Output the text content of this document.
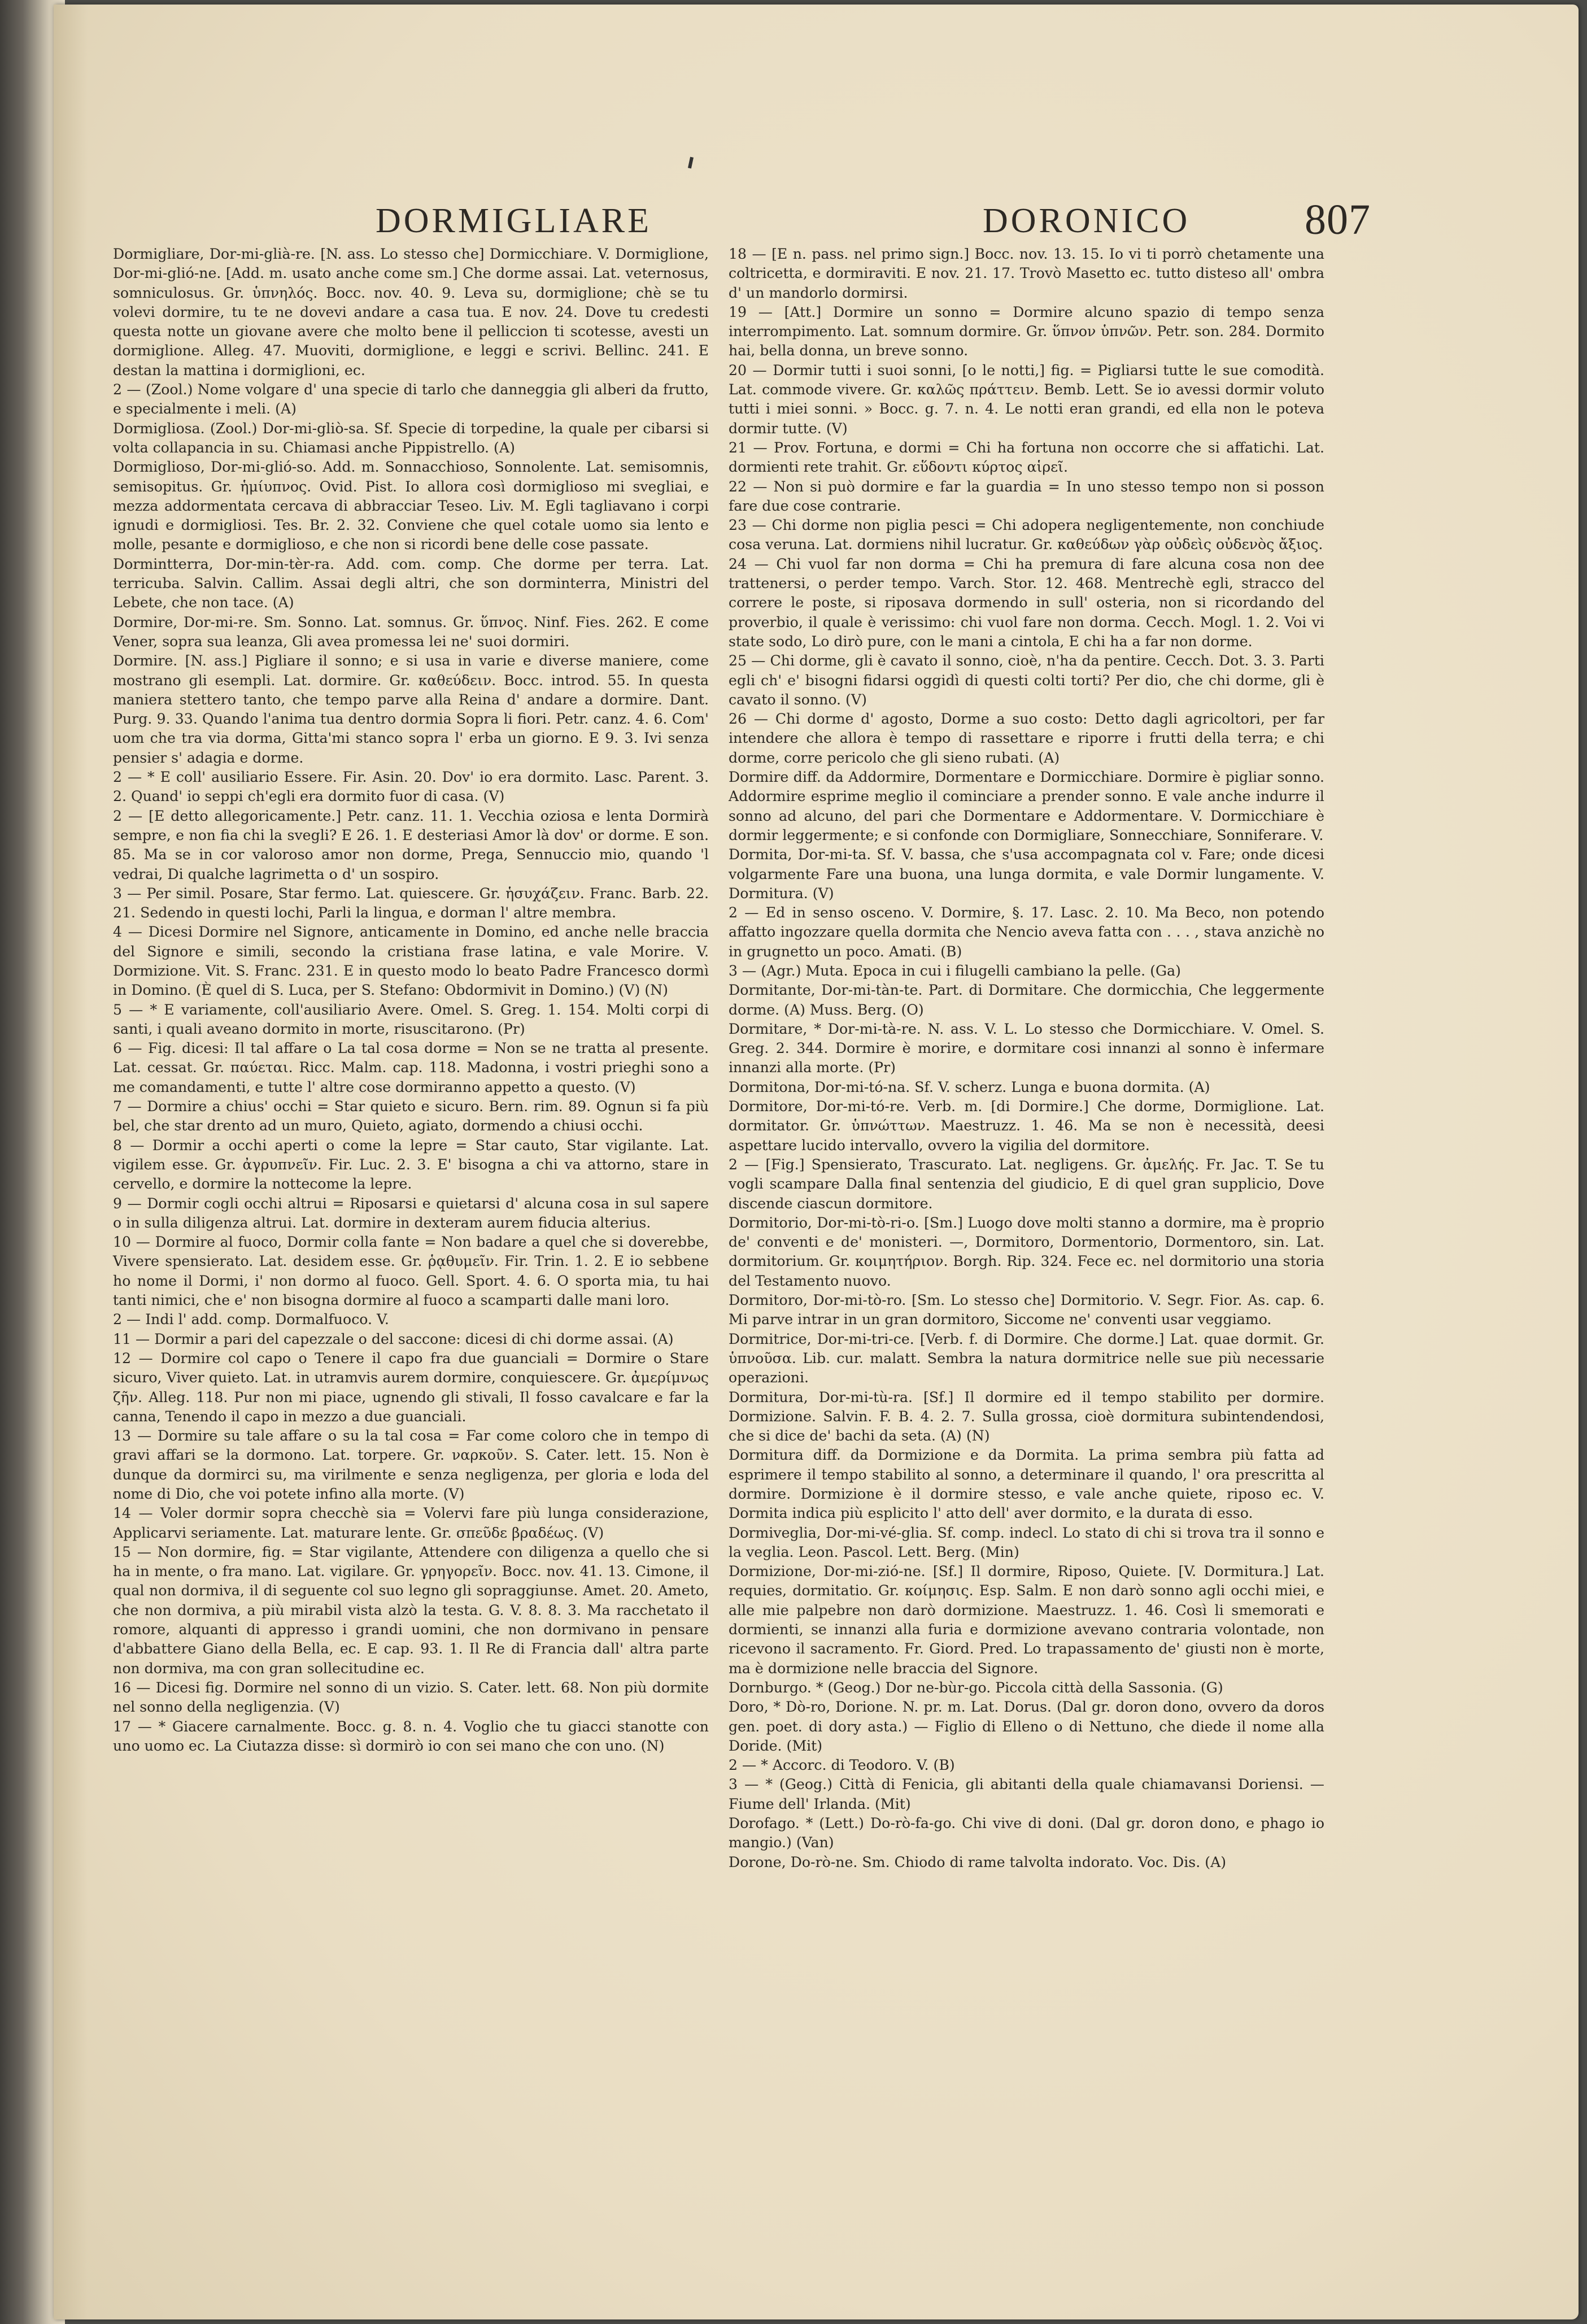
DORMIGLIARE	DORONICO	807

Dormigliare, Dor-mi-glià-re. [N. ass. Lo stesso che] Dormicchiare. V. Dormiglione, Dor-mi-glió-ne. [Add. m. usato anche come sm.] Che dorme assai. Lat. veternosus, somniculosus. Gr. ὑπνηλός. Bocc. nov. 40. 9. Leva su, dormiglione; chè se tu volevi dormire, tu te ne dovevi andare a casa tua. E nov. 24. Dove tu credesti questa notte un giovane avere che molto bene il pelliccion ti scotesse, avesti un dormiglione. Alleg. 47. Muoviti, dormiglione, e leggi e scrivi. Bellinc. 241. E destan la mattina i dormiglioni, ec.

2 — (Zool.) Nome volgare d' una specie di tarlo che danneggia gli alberi da frutto, e specialmente i meli. (A)

Dormigliosa. (Zool.) Dor-mi-gliò-sa. Sf. Specie di torpedine, la quale per cibarsi si volta collapancia in su. Chiamasi anche Pippistrello. (A)

Dormiglioso, Dor-mi-glió-so. Add. m. Sonnacchioso, Sonnolente. Lat. semisomnis, semisopitus. Gr. ἡμίυπνος. Ovid. Pist. Io allora così dormiglioso mi svegliai, e mezza addormentata cercava di abbracciar Teseo. Liv. M. Egli tagliavano i corpi ignudi e dormigliosi. Tes. Br. 2. 32. Conviene che quel cotale uomo sia lento e molle, pesante e dormiglioso, e che non si ricordi bene delle cose passate.

Dormintterra, Dor-min-tèr-ra. Add. com. comp. Che dorme per terra. Lat. terricuba. Salvin. Callim. Assai degli altri, che son dorminterra, Ministri del Lebete, che non tace. (A)

Dormire, Dor-mi-re. Sm. Sonno. Lat. somnus. Gr. ὕπνος. Ninf. Fies. 262. E come Vener, sopra sua leanza, Gli avea promessa lei ne' suoi dormiri.

Dormire. [N. ass.] Pigliare il sonno; e si usa in varie e diverse maniere, come mostrano gli esempli. Lat. dormire. Gr. καθεύδειν. Bocc. introd. 55. In questa maniera stettero tanto, che tempo parve alla Reina d' andare a dormire. Dant. Purg. 9. 33. Quando l'anima tua dentro dormia Sopra li fiori. Petr. canz. 4. 6. Com' uom che tra via dorma, Gitta'mi stanco sopra l' erba un giorno. E 9. 3. Ivi senza pensier s' adagia e dorme.

2 — * E coll' ausiliario Essere. Fir. Asin. 20. Dov' io era dormito. Lasc. Parent. 3. 2. Quand' io seppi ch'egli era dormito fuor di casa. (V)

2 — [E detto allegoricamente.] Petr. canz. 11. 1. Vecchia oziosa e lenta Dormirà sempre, e non fia chi la svegli? E 26. 1. E desteriasi Amor là dov' or dorme. E son. 85. Ma se in cor valoroso amor non dorme, Prega, Sennuccio mio, quando 'l vedrai, Di qualche lagrimetta o d' un sospiro.

3 — Per simil. Posare, Star fermo. Lat. quiescere. Gr. ἡσυχάζειν. Franc. Barb. 22. 21. Sedendo in questi lochi, Parli la lingua, e dorman l' altre membra.

4 — Dicesi Dormire nel Signore, anticamente in Domino, ed anche nelle braccia del Signore e simili, secondo la cristiana frase latina, e vale Morire. V. Dormizione. Vit. S. Franc. 231. E in questo modo lo beato Padre Francesco dormì in Domino. (È quel di S. Luca, per S. Stefano: Obdormivit in Domino.) (V) (N)

5 — * E variamente, coll'ausiliario Avere. Omel. S. Greg. 1. 154. Molti corpi di santi, i quali aveano dormito in morte, risuscitarono. (Pr)

6 — Fig. dicesi: Il tal affare o La tal cosa dorme = Non se ne tratta al presente. Lat. cessat. Gr. παύεται. Ricc. Malm. cap. 118. Madonna, i vostri prieghi sono a me comandamenti, e tutte l' altre cose dormiranno appetto a questo. (V)

7 — Dormire a chius' occhi = Star quieto e sicuro. Bern. rim. 89. Ognun si fa più bel, che star drento ad un muro, Quieto, agiato, dormendo a chiusi occhi.

8 — Dormir a occhi aperti o come la lepre = Star cauto, Star vigilante. Lat. vigilem esse. Gr. ἀγρυπνεῖν. Fir. Luc. 2. 3. E' bisogna a chi va attorno, stare in cervello, e dormire la nottecome la lepre.

9 — Dormir cogli occhi altrui = Riposarsi e quietarsi d' alcuna cosa in sul sapere o in sulla diligenza altrui. Lat. dormire in dexteram aurem fiducia alterius.

10 — Dormire al fuoco, Dormir colla fante = Non badare a quel che si doverebbe, Vivere spensierato. Lat. desidem esse. Gr. ῥᾳθυμεῖν. Fir. Trin. 1. 2. E io sebbene ho nome il Dormi, i' non dormo al fuoco. Gell. Sport. 4. 6. O sporta mia, tu hai tanti nimici, che e' non bisogna dormire al fuoco a scamparti dalle mani loro.

2 — Indi l' add. comp. Dormalfuoco. V.

11 — Dormir a pari del capezzale o del saccone: dicesi di chi dorme assai. (A)

12 — Dormire col capo o Tenere il capo fra due guanciali = Dormire o Stare sicuro, Viver quieto. Lat. in utramvis aurem dormire, conquiescere. Gr. ἀμερίμνως ζῆν. Alleg. 118. Pur non mi piace, ugnendo gli stivali, Il fosso cavalcare e far la canna, Tenendo il capo in mezzo a due guanciali.

13 — Dormire su tale affare o su la tal cosa = Far come coloro che in tempo di gravi affari se la dormono. Lat. torpere. Gr. ναρκοῦν. S. Cater. lett. 15. Non è dunque da dormirci su, ma virilmente e senza negligenza, per gloria e loda del nome di Dio, che voi potete infino alla morte. (V)

14 — Voler dormir sopra checchè sia = Volervi fare più lunga considerazione, Applicarvi seriamente. Lat. maturare lente. Gr. σπεῦδε βραδέως. (V)

15 — Non dormire, fig. = Star vigilante, Attendere con diligenza a quello che si ha in mente, o fra mano. Lat. vigilare. Gr. γρηγορεῖν. Bocc. nov. 41. 13. Cimone, il qual non dormiva, il di seguente col suo legno gli sopraggiunse. Amet. 20. Ameto, che non dormiva, a più mirabil vista alzò la testa. G. V. 8. 8. 3. Ma racchetato il romore, alquanti di appresso i grandi uomini, che non dormivano in pensare d'abbattere Giano della Bella, ec. E cap. 93. 1. Il Re di Francia dall' altra parte non dormiva, ma con gran sollecitudine ec.

16 — Dicesi fig. Dormire nel sonno di un vizio. S. Cater. lett. 68. Non più dormite nel sonno della negligenzia. (V)

17 — * Giacere carnalmente. Bocc. g. 8. n. 4. Voglio che tu giacci stanotte con uno uomo ec. La Ciutazza disse: sì dormirò io con sei mano che con uno. (N)

18 — [E n. pass. nel primo sign.] Bocc. nov. 13. 15. Io vi ti porrò chetamente una coltricetta, e dormiraviti. E nov. 21. 17. Trovò Masetto ec. tutto disteso all' ombra d' un mandorlo dormirsi.

19 — [Att.] Dormire un sonno = Dormire alcuno spazio di tempo senza interrompimento. Lat. somnum dormire. Gr. ὕπνον ὑπνῶν. Petr. son. 284. Dormito hai, bella donna, un breve sonno.

20 — Dormir tutti i suoi sonni, [o le notti,] fig. = Pigliarsi tutte le sue comodità. Lat. commode vivere. Gr. καλῶς πράττειν. Bemb. Lett. Se io avessi dormir voluto tutti i miei sonni. » Bocc. g. 7. n. 4. Le notti eran grandi, ed ella non le poteva dormir tutte. (V)

21 — Prov. Fortuna, e dormi = Chi ha fortuna non occorre che si affatichi. Lat. dormienti rete trahit. Gr. εὕδοντι κύρτος αἱρεῖ.

22 — Non si può dormire e far la guardia = In uno stesso tempo non si posson fare due cose contrarie.

23 — Chi dorme non piglia pesci = Chi adopera negligentemente, non conchiude cosa veruna. Lat. dormiens nihil lucratur. Gr. καθεύδων γὰρ οὐδεὶς οὐδενὸς ἄξιος.

24 — Chi vuol far non dorma = Chi ha premura di fare alcuna cosa non dee trattenersi, o perder tempo. Varch. Stor. 12. 468. Mentrechè egli, stracco del correre le poste, si riposava dormendo in sull' osteria, non si ricordando del proverbio, il quale è verissimo: chi vuol fare non dorma. Cecch. Mogl. 1. 2. Voi vi state sodo, Lo dirò pure, con le mani a cintola, E chi ha a far non dorme.

25 — Chi dorme, gli è cavato il sonno, cioè, n'ha da pentire. Cecch. Dot. 3. 3. Parti egli ch' e' bisogni fidarsi oggidì di questi colti torti? Per dio, che chi dorme, gli è cavato il sonno. (V)

26 — Chi dorme d' agosto, Dorme a suo costo: Detto dagli agricoltori, per far intendere che allora è tempo di rassettare e riporre i frutti della terra; e chi dorme, corre pericolo che gli sieno rubati. (A)

Dormire diff. da Addormire, Dormentare e Dormicchiare. Dormire è pigliar sonno. Addormire esprime meglio il cominciare a prender sonno. E vale anche indurre il sonno ad alcuno, del pari che Dormentare e Addormentare. V. Dormicchiare è dormir leggermente; e si confonde con Dormigliare, Sonnecchiare, Sonniferare. V.

Dormita, Dor-mi-ta. Sf. V. bassa, che s'usa accompagnata col v. Fare; onde dicesi volgarmente Fare una buona, una lunga dormita, e vale Dormir lungamente. V. Dormitura. (V)

2 — Ed in senso osceno. V. Dormire, §. 17. Lasc. 2. 10. Ma Beco, non potendo affatto ingozzare quella dormita che Nencio aveva fatta con . . . , stava anzichè no in grugnetto un poco. Amati. (B)

3 — (Agr.) Muta. Epoca in cui i filugelli cambiano la pelle. (Ga)

Dormitante, Dor-mi-tàn-te. Part. di Dormitare. Che dormicchia, Che leggermente dorme. (A) Muss. Berg. (O)

Dormitare, * Dor-mi-tà-re. N. ass. V. L. Lo stesso che Dormicchiare. V. Omel. S. Greg. 2. 344. Dormire è morire, e dormitare cosi innanzi al sonno è infermare innanzi alla morte. (Pr)

Dormitona, Dor-mi-tó-na. Sf. V. scherz. Lunga e buona dormita. (A)

Dormitore, Dor-mi-tó-re. Verb. m. [di Dormire.] Che dorme, Dormiglione. Lat. dormitator. Gr. ὑπνώττων. Maestruzz. 1. 46. Ma se non è necessità, deesi aspettare lucido intervallo, ovvero la vigilia del dormitore.

2 — [Fig.] Spensierato, Trascurato. Lat. negligens. Gr. ἀμελής. Fr. Jac. T. Se tu vogli scampare Dalla final sentenzia del giudicio, E di quel gran supplicio, Dove discende ciascun dormitore.

Dormitorio, Dor-mi-tò-ri-o. [Sm.] Luogo dove molti stanno a dormire, ma è proprio de' conventi e de' monisteri. —, Dormitoro, Dormentorio, Dormentoro, sin. Lat. dormitorium. Gr. κοιμητήριον. Borgh. Rip. 324. Fece ec. nel dormitorio una storia del Testamento nuovo.

Dormitoro, Dor-mi-tò-ro. [Sm. Lo stesso che] Dormitorio. V. Segr. Fior. As. cap. 6. Mi parve intrar in un gran dormitoro, Siccome ne' conventi usar veggiamo.

Dormitrice, Dor-mi-tri-ce. [Verb. f. di Dormire. Che dorme.] Lat. quae dormit. Gr. ὑπνοῦσα. Lib. cur. malatt. Sembra la natura dormitrice nelle sue più necessarie operazioni.

Dormitura, Dor-mi-tù-ra. [Sf.] Il dormire ed il tempo stabilito per dormire. Dormizione. Salvin. F. B. 4. 2. 7. Sulla grossa, cioè dormitura subintendendosi, che si dice de' bachi da seta. (A) (N)

Dormitura diff. da Dormizione e da Dormita. La prima sembra più fatta ad esprimere il tempo stabilito al sonno, a determinare il quando, l' ora prescritta al dormire. Dormizione è il dormire stesso, e vale anche quiete, riposo ec. V. Dormita indica più esplicito l' atto dell' aver dormito, e la durata di esso.

Dormiveglia, Dor-mi-vé-glia. Sf. comp. indecl. Lo stato di chi si trova tra il sonno e la veglia. Leon. Pascol. Lett. Berg. (Min)

Dormizione, Dor-mi-zió-ne. [Sf.] Il dormire, Riposo, Quiete. [V. Dormitura.] Lat. requies, dormitatio. Gr. κοίμησις. Esp. Salm. E non darò sonno agli occhi miei, e alle mie palpebre non darò dormizione. Maestruzz. 1. 46. Così li smemorati e dormienti, se innanzi alla furia e dormizione avevano contraria volontade, non ricevono il sacramento. Fr. Giord. Pred. Lo trapassamento de' giusti non è morte, ma è dormizione nelle braccia del Signore.

Dornburgo. * (Geog.) Dor ne-bùr-go. Piccola città della Sassonia. (G)

Doro, * Dò-ro, Dorione. N. pr. m. Lat. Dorus. (Dal gr. doron dono, ovvero da doros gen. poet. di dory asta.) — Figlio di Elleno o di Nettuno, che diede il nome alla Doride. (Mit)

2 — * Accorc. di Teodoro. V. (B)

3 — * (Geog.) Città di Fenicia, gli abitanti della quale chiamavansi Doriensi. — Fiume dell' Irlanda. (Mit)

Dorofago. * (Lett.) Do-rò-fa-go. Chi vive di doni. (Dal gr. doron dono, e phago io mangio.) (Van)

Dorone, Do-rò-ne. Sm. Chiodo di rame talvolta indorato. Voc. Dis. (A)
